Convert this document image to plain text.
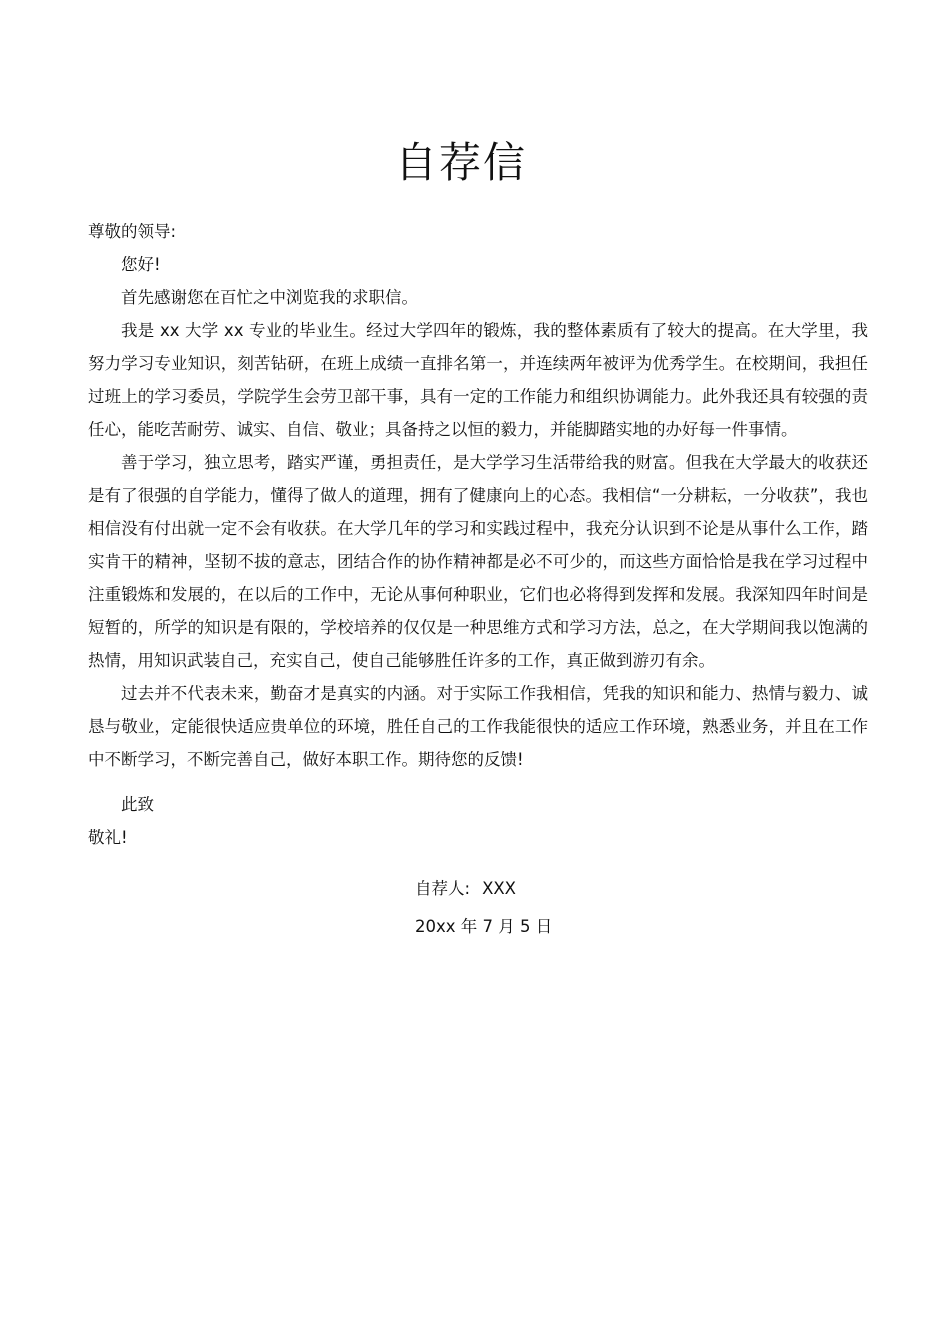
自荐信

尊敬的领导:

您好!

首先感谢您在百忙之中浏览我的求职信。

我是 xx 大学 xx 专业的毕业生。经过大学四年的锻炼，我的整体素质有了较大的提高。在大学里，我努力学习专业知识，刻苦钻研，在班上成绩一直排名第一，并连续两年被评为优秀学生。在校期间，我担任过班上的学习委员，学院学生会劳卫部干事，具有一定的工作能力和组织协调能力。此外我还具有较强的责任心，能吃苦耐劳、诚实、自信、敬业；具备持之以恒的毅力，并能脚踏实地的办好每一件事情。

善于学习，独立思考，踏实严谨，勇担责任，是大学学习生活带给我的财富。但我在大学最大的收获还是有了很强的自学能力，懂得了做人的道理，拥有了健康向上的心态。我相信“一分耕耘，一分收获”，我也相信没有付出就一定不会有收获。在大学几年的学习和实践过程中，我充分认识到不论是从事什么工作，踏实肯干的精神，坚韧不拔的意志，团结合作的协作精神都是必不可少的，而这些方面恰恰是我在学习过程中注重锻炼和发展的，在以后的工作中，无论从事何种职业，它们也必将得到发挥和发展。我深知四年时间是短暂的，所学的知识是有限的，学校培养的仅仅是一种思维方式和学习方法，总之，在大学期间我以饱满的热情，用知识武装自己，充实自己，使自己能够胜任许多的工作，真正做到游刃有余。

过去并不代表未来，勤奋才是真实的内涵。对于实际工作我相信，凭我的知识和能力、热情与毅力、诚恳与敬业，定能很快适应贵单位的环境，胜任自己的工作我能很快的适应工作环境，熟悉业务，并且在工作中不断学习，不断完善自己，做好本职工作。期待您的反馈!

此致

敬礼!

自荐人: XXX
20xx 年 7 月 5 日
